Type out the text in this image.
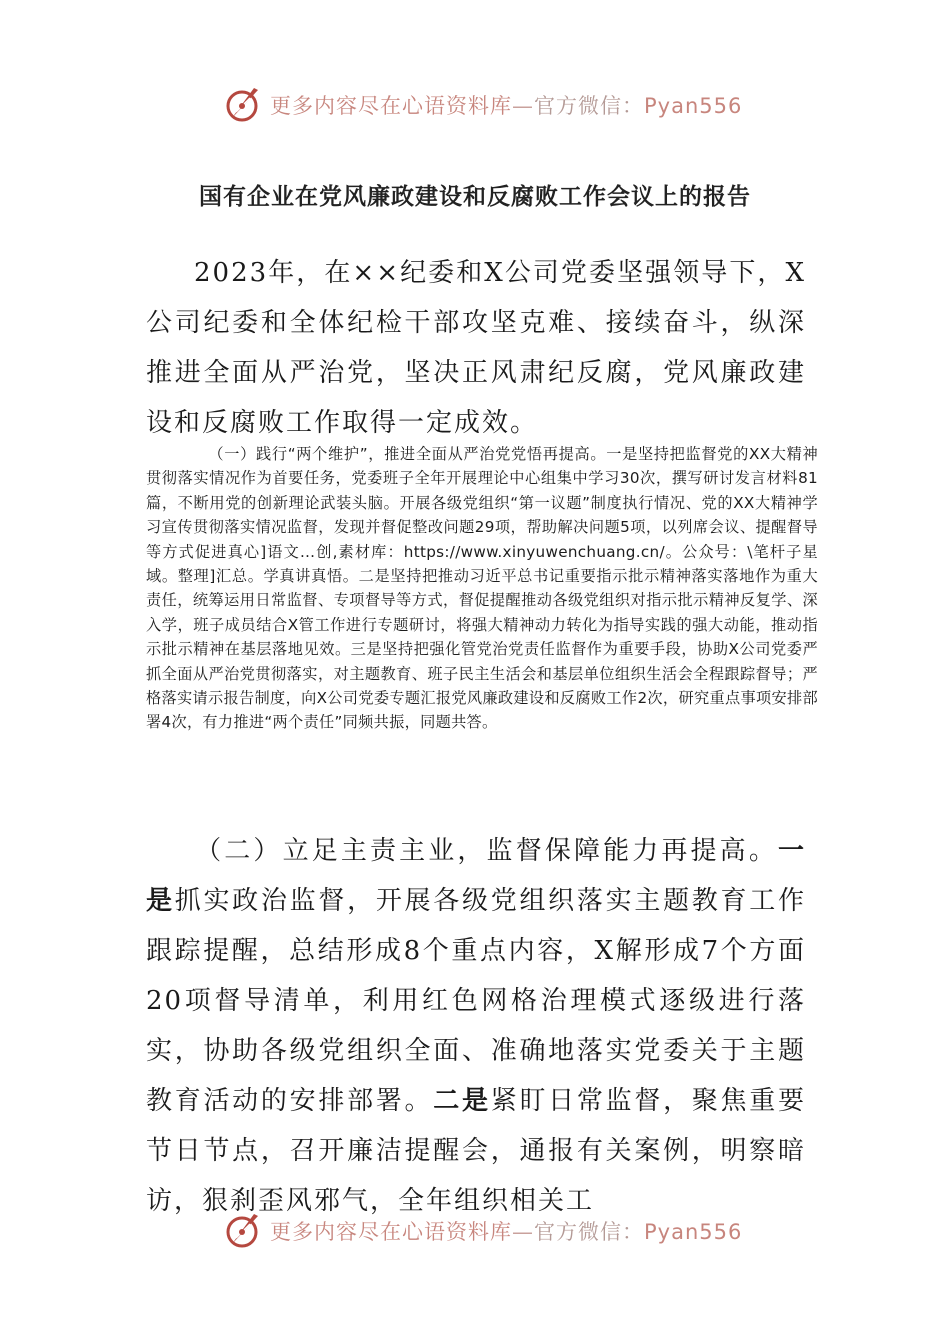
更多内容尽在心语资料库—官方微信：Pyan556
国有企业在党风廉政建设和反腐败工作会议上的报告
2023年，在××纪委和X公司党委坚强领导下，X公司纪委和全体纪检干部攻坚克难、接续奋斗，纵深推进全面从严治党，坚决正风肃纪反腐，党风廉政建设和反腐败工作取得一定成效。
（一）践行“两个维护”，推进全面从严治党党悟再提高。一是坚持把监督党的XX大精神贯彻落实情况作为首要任务，党委班子全年开展理论中心组集中学习30次，撰写研讨发言材料81篇，不断用党的创新理论武装头脑。开展各级党组织“第一议题”制度执行情况、党的XX大精神学习宣传贯彻落实情况监督，发现并督促整改问题29项，帮助解决问题5项，以列席会议、提醒督导等方式促进真心]语文…创,素材库：https://www.xinyuwenchuang.cn/。公众号：\笔杆子星域。整理]汇总。学真讲真悟。二是坚持把推动习近平总书记重要指示批示精神落实落地作为重大责任，统筹运用日常监督、专项督导等方式，督促提醒推动各级党组织对指示批示精神反复学、深入学，班子成员结合X管工作进行专题研讨，将强大精神动力转化为指导实践的强大动能，推动指示批示精神在基层落地见效。三是坚持把强化管党治党责任监督作为重要手段，协助X公司党委严抓全面从严治党贯彻落实，对主题教育、班子民主生活会和基层单位组织生活会全程跟踪督导；严格落实请示报告制度，向X公司党委专题汇报党风廉政建设和反腐败工作2次，研究重点事项安排部署4次，有力推进“两个责任”同频共振，同题共答。
（二）立足主责主业，监督保障能力再提高。一是抓实政治监督，开展各级党组织落实主题教育工作跟踪提醒，总结形成8个重点内容，X解形成7个方面20项督导清单，利用红色网格治理模式逐级进行落实，协助各级党组织全面、准确地落实党委关于主题教育活动的安排部署。二是紧盯日常监督，聚焦重要节日节点，召开廉洁提醒会，通报有关案例，明察暗访，狠刹歪风邪气，全年组织相关工
更多内容尽在心语资料库—官方微信：Pyan556
